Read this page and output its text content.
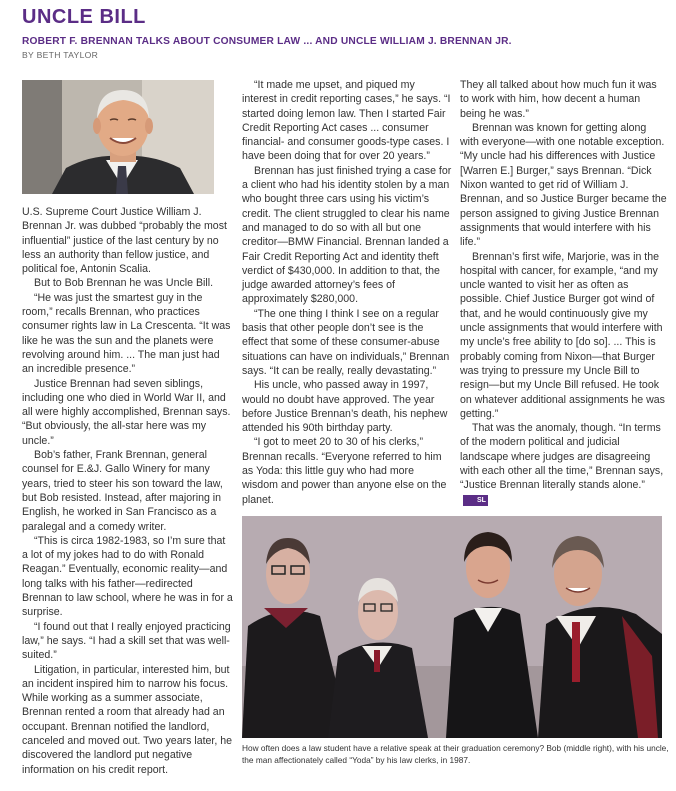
UNCLE BILL
ROBERT F. BRENNAN TALKS ABOUT CONSUMER LAW ... AND UNCLE WILLIAM J. BRENNAN JR.
BY BETH TAYLOR

U.S. Supreme Court Justice William J. Brennan Jr. was dubbed “probably the most influential” justice of the last century by no less an authority than fellow justice, and political foe, Antonin Scalia.

But to Bob Brennan he was Uncle Bill.

“He was just the smartest guy in the room,” recalls Brennan, who practices consumer rights law in La Crescenta. “It was like he was the sun and the planets were revolving around him. ... The man just had an incredible presence.”

Justice Brennan had seven siblings, including one who died in World War II, and all were highly accomplished, Brennan says. “But obviously, the all-star here was my uncle.”

Bob’s father, Frank Brennan, general counsel for E.&J. Gallo Winery for many years, tried to steer his son toward the law, but Bob resisted. Instead, after majoring in English, he worked in San Francisco as a paralegal and a comedy writer.

“This is circa 1982-1983, so I’m sure that a lot of my jokes had to do with Ronald Reagan.” Eventually, economic reality—and long talks with his father—redirected Brennan to law school, where he was in for a surprise.

“I found out that I really enjoyed practicing law,” he says. “I had a skill set that was well-suited.”

Litigation, in particular, interested him, but an incident inspired him to narrow his focus. While working as a summer associate, Brennan rented a room that already had an occupant. Brennan notified the landlord, canceled and moved out. Two years later, he discovered the landlord put negative information on his credit report.

“It made me upset, and piqued my interest in credit reporting cases,” he says. “I started doing lemon law. Then I started Fair Credit Reporting Act cases ... consumer financial- and consumer goods-type cases. I have been doing that for over 20 years.”

Brennan has just finished trying a case for a client who had his identity stolen by a man who bought three cars using his victim’s credit. The client struggled to clear his name and managed to do so with all but one creditor—BMW Financial. Brennan landed a Fair Credit Reporting Act and identity theft verdict of $430,000. In addition to that, the judge awarded attorney’s fees of approximately $280,000.

“The one thing I think I see on a regular basis that other people don’t see is the effect that some of these consumer-abuse situations can have on individuals,” Brennan says. “It can be really, really devastating.”

His uncle, who passed away in 1997, would no doubt have approved. The year before Justice Brennan’s death, his nephew attended his 90th birthday party.

“I got to meet 20 to 30 of his clerks,” Brennan recalls. “Everyone referred to him as Yoda: this little guy who had more wisdom and power than anyone else on the planet.

They all talked about how much fun it was to work with him, how decent a human being he was.”

Brennan was known for getting along with everyone—with one notable exception. “My uncle had his differences with Justice [Warren E.] Burger,” says Brennan. “Dick Nixon wanted to get rid of William J. Brennan, and so Justice Burger became the person assigned to giving Justice Brennan assignments that would interfere with his life.”

Brennan’s first wife, Marjorie, was in the hospital with cancer, for example, “and my uncle wanted to visit her as often as possible. Chief Justice Burger got wind of that, and he would continuously give my uncle assignments that would interfere with my uncle’s free ability to [do so]. ... This is probably coming from Nixon—that Burger was trying to pressure my Uncle Bill to resign—but my Uncle Bill refused. He took on whatever additional assignments he was getting.”

That was the anomaly, though. “In terms of the modern political and judicial landscape where judges are disagreeing with each other all the time,” Brennan says, “Justice Brennan literally stands alone.”SL

How often does a law student have a relative speak at their graduation ceremony? Bob (middle right), with his uncle, the man affectionately called “Yoda” by his law clerks, in 1987.
